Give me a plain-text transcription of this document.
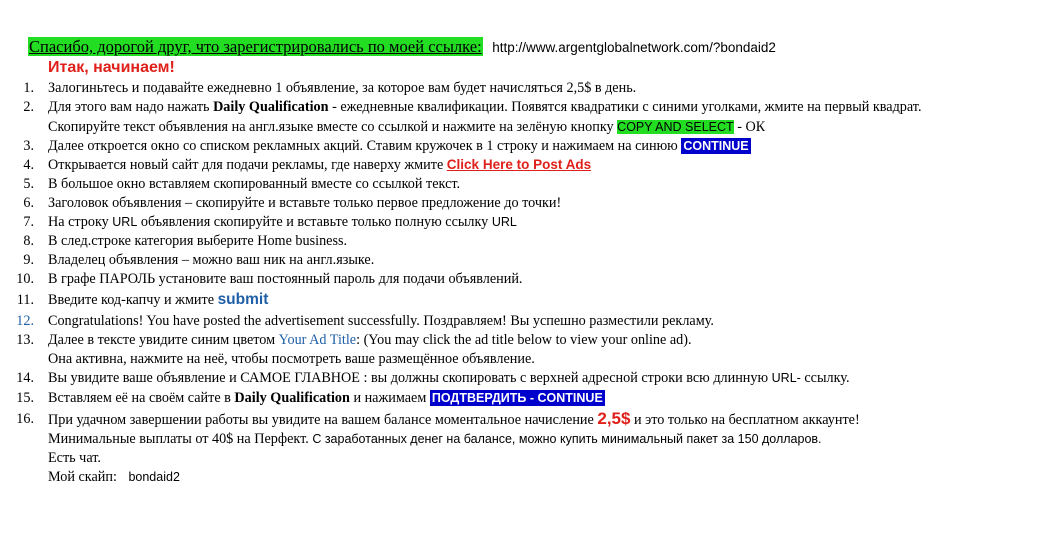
Спасибо, дорогой друг, что зарегистрировались по моей ссылке: http://www.argentglobalnetwork.com/?bondaid2
Итак, начинаем!
1. Залогиньтесь и подавайте ежедневно 1 объявление, за которое вам будет начисляться 2,5$ в день.
2. Для этого вам надо нажать Daily Qualification - ежедневные квалификации. Появятся квадратики с синими уголками, жмите на первый квадрат.
Скопируйте текст объявления на англ.языке вместе со ссылкой и нажмите на зелёную кнопку COPY AND SELECT - ОК
3. Далее откроется окно со списком рекламных акций. Ставим кружочек в 1 строку и нажимаем на синюю CONTINUE
4. Открывается новый сайт для подачи рекламы, где наверху жмите Click Here to Post Ads
5. В большое окно вставляем скопированный вместе со ссылкой текст.
6. Заголовок объявления – скопируйте и вставьте только первое предложение до точки!
7. На строку URL объявления скопируйте и вставьте только полную ссылку URL
8. В след.строке категория выберите Home business.
9. Владелец объявления – можно ваш ник на англ.языке.
10. В графе ПАРОЛЬ установите ваш постоянный пароль для подачи объявлений.
11. Введите код-капчу и жмите submit
12. Congratulations! You have posted the advertisement successfully. Поздравляем! Вы успешно разместили рекламу.
13. Далее в тексте увидите синим цветом Your Ad Title: (You may click the ad title below to view your online ad).
Она активна, нажмите на неё, чтобы посмотреть ваше размещённое объявление.
14. Вы увидите ваше объявление и САМОЕ ГЛАВНОЕ : вы должны скопировать с верхней адресной строки всю длинную URL- ссылку.
15. Вставляем её на своём сайте в Daily Qualification и нажимаем ПОДТВЕРДИТЬ - CONTINUE
16. При удачном завершении работы вы увидите на вашем балансе моментальное начисление 2,5$ и это только на бесплатном аккаунте!
Минимальные выплаты от 40$ на Перфект. С заработанных денег на балансе, можно купить минимальный пакет за 150 долларов.
Есть чат.
Мой скайп: bondaid2
